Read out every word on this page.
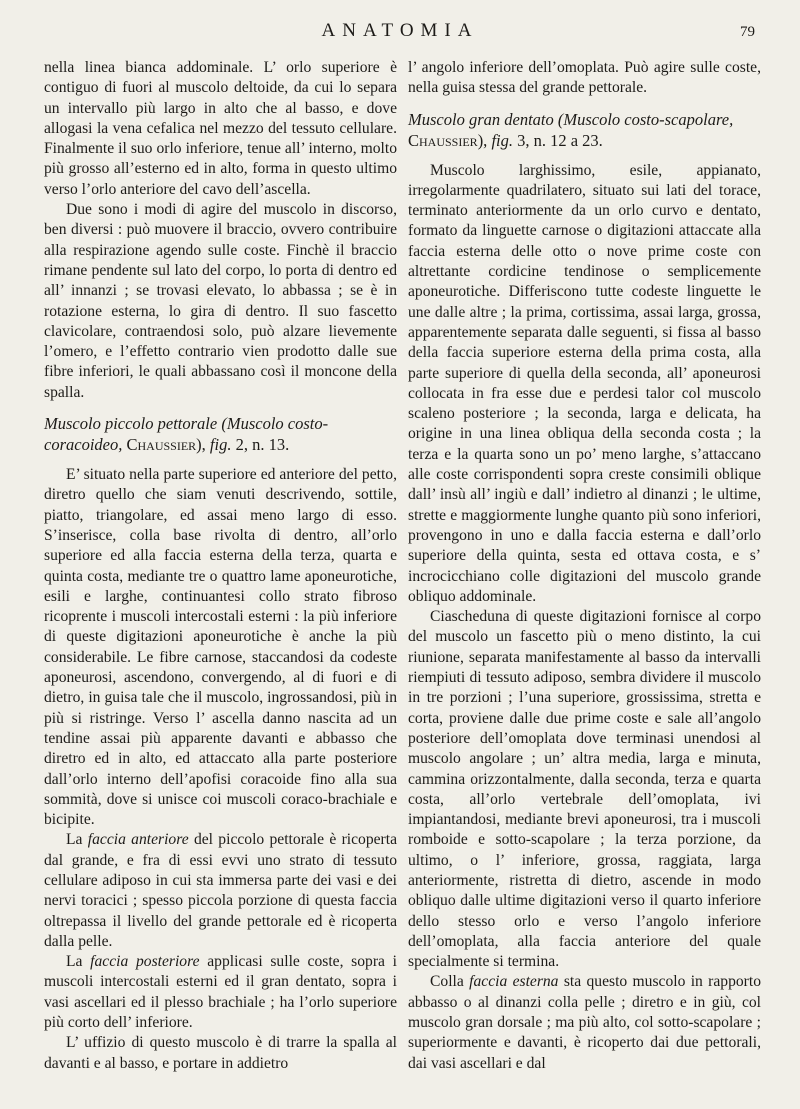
ANATOMIA	79

nella linea bianca addominale. L’ orlo superiore è contiguo di fuori al muscolo deltoide, da cui lo separa un intervallo più largo in alto che al basso, e dove allogasi la vena cefalica nel mezzo del tessuto cellulare. Finalmente il suo orlo inferiore, tenue all’ interno, molto più grosso all’esterno ed in alto, forma in questo ultimo verso l’orlo anteriore del cavo dell’ascella.

Due sono i modi di agire del muscolo in discorso, ben diversi : può muovere il braccio, ovvero contribuire alla respirazione agendo sulle coste. Finchè il braccio rimane pendente sul lato del corpo, lo porta di dentro ed all’ innanzi ; se trovasi elevato, lo abbassa ; se è in rotazione esterna, lo gira di dentro. Il suo fascetto clavicolare, contraendosi solo, può alzare lievemente l’omero, e l’effetto contrario vien prodotto dalle sue fibre inferiori, le quali abbassano così il moncone della spalla.

Muscolo piccolo pettorale (Muscolo costo-coracoideo, Chaussier), fig. 2, n. 13.

E’ situato nella parte superiore ed anteriore del petto, diretro quello che siam venuti descrivendo, sottile, piatto, triangolare, ed assai meno largo di esso. S’inserisce, colla base rivolta di dentro, all’orlo superiore ed alla faccia esterna della terza, quarta e quinta costa, mediante tre o quattro lame aponeurotiche, esili e larghe, continuantesi collo strato fibroso ricoprente i muscoli intercostali esterni : la più inferiore di queste digitazioni aponeurotiche è anche la più considerabile. Le fibre carnose, staccandosi da codeste aponeurosi, ascendono, convergendo, al di fuori e di dietro, in guisa tale che il muscolo, ingrossandosi, più in più si ristringe. Verso l’ ascella danno nascita ad un tendine assai più apparente davanti e abbasso che diretro ed in alto, ed attaccato alla parte posteriore dall’orlo interno dell’apofisi coracoide fino alla sua sommità, dove si unisce coi muscoli coraco-brachiale e bicipite.

La faccia anteriore del piccolo pettorale è ricoperta dal grande, e fra di essi evvi uno strato di tessuto cellulare adiposo in cui sta immersa parte dei vasi e dei nervi toracici ; spesso piccola porzione di questa faccia oltrepassa il livello del grande pettorale ed è ricoperta dalla pelle.

La faccia posteriore applicasi sulle coste, sopra i muscoli intercostali esterni ed il gran dentato, sopra i vasi ascellari ed il plesso brachiale ; ha l’orlo superiore più corto dell’ inferiore.

L’ uffizio di questo muscolo è di trarre la spalla al davanti e al basso, e portare in addietro

l’ angolo inferiore dell’omoplata. Può agire sulle coste, nella guisa stessa del grande pettorale.

Muscolo gran dentato (Muscolo costo-scapolare, Chaussier), fig. 3, n. 12 a 23.

Muscolo larghissimo, esile, appianato, irregolarmente quadrilatero, situato sui lati del torace, terminato anteriormente da un orlo curvo e dentato, formato da linguette carnose o digitazioni attaccate alla faccia esterna delle otto o nove prime coste con altrettante cordicine tendinose o semplicemente aponeurotiche. Differiscono tutte codeste linguette le une dalle altre ; la prima, cortissima, assai larga, grossa, apparentemente separata dalle seguenti, si fissa al basso della faccia superiore esterna della prima costa, alla parte superiore di quella della seconda, all’ aponeurosi collocata in fra esse due e perdesi talor col muscolo scaleno posteriore ; la seconda, larga e delicata, ha origine in una linea obliqua della seconda costa ; la terza e la quarta sono un po’ meno larghe, s’attaccano alle coste corrispondenti sopra creste consimili oblique dall’ insù all’ ingiù e dall’ indietro al dinanzi ; le ultime, strette e maggiormente lunghe quanto più sono inferiori, provengono in uno e dalla faccia esterna e dall’orlo superiore della quinta, sesta ed ottava costa, e s’ incrocicchiano colle digitazioni del muscolo grande obliquo addominale.

Ciascheduna di queste digitazioni fornisce al corpo del muscolo un fascetto più o meno distinto, la cui riunione, separata manifestamente al basso da intervalli riempiuti di tessuto adiposo, sembra dividere il muscolo in tre porzioni ; l’una superiore, grossissima, stretta e corta, proviene dalle due prime coste e sale all’angolo posteriore dell’omoplata dove terminasi unendosi al muscolo angolare ; un’ altra media, larga e minuta, cammina orizzontalmente, dalla seconda, terza e quarta costa, all’orlo vertebrale dell’omoplata, ivi impiantandosi, mediante brevi aponeurosi, tra i muscoli romboide e sotto-scapolare ; la terza porzione, da ultimo, o l’ inferiore, grossa, raggiata, larga anteriormente, ristretta di dietro, ascende in modo obliquo dalle ultime digitazioni verso il quarto inferiore dello stesso orlo e verso l’angolo inferiore dell’omoplata, alla faccia anteriore del quale specialmente si termina.

Colla faccia esterna sta questo muscolo in rapporto abbasso o al dinanzi colla pelle ; diretro e in giù, col muscolo gran dorsale ; ma più alto, col sotto-scapolare ; superiormente e davanti, è ricoperto dai due pettorali, dai vasi ascellari e dal
